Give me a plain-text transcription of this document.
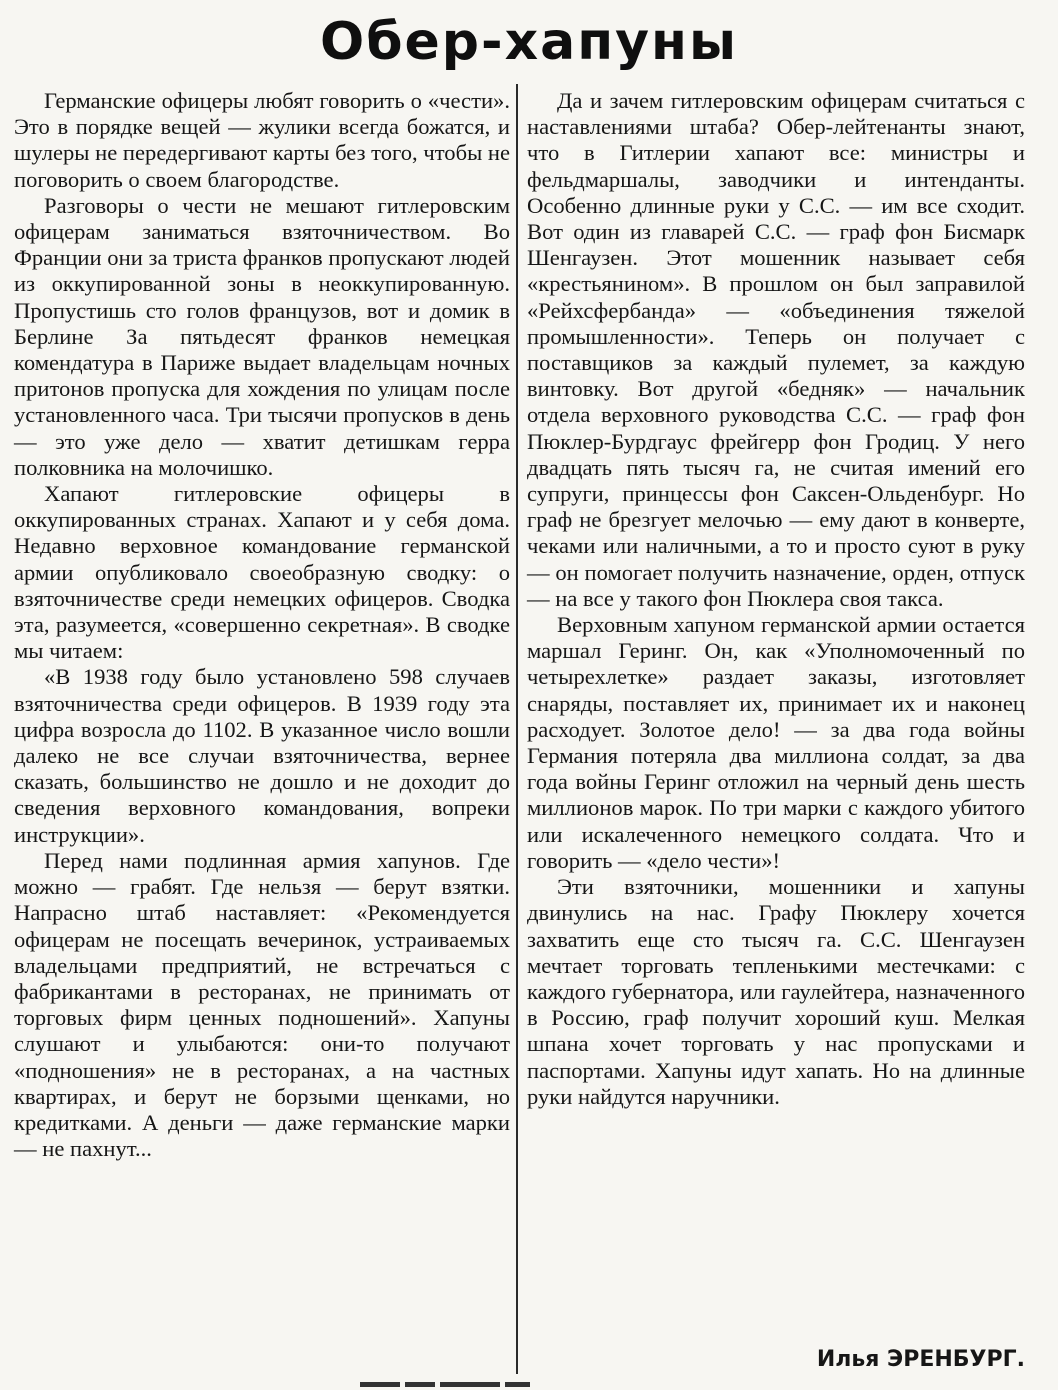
Обер-хапуны

Германские офицеры любят говорить о «чести». Это в порядке вещей — жулики всегда божатся, и шулеры не передергивают карты без того, чтобы не поговорить о своем благородстве.

Разговоры о чести не мешают гитлеровским офицерам заниматься взяточничеством. Во Франции они за триста франков пропускают людей из оккупированной зоны в неоккупированную. Пропустишь сто голов французов, вот и домик в Берлине За пятьдесят франков немецкая комендатура в Париже выдает владельцам ночных притонов пропуска для хождения по улицам после установленного часа. Три тысячи пропусков в день — это уже дело — хватит детишкам герра полковника на молочишко.

Хапают гитлеровские офицеры в оккупированных странах. Хапают и у себя дома. Недавно верховное командование германской армии опубликовало своеобразную сводку: о взяточничестве среди немецких офицеров. Сводка эта, разумеется, «совершенно секретная». В сводке мы читаем:

«В 1938 году было установлено 598 случаев взяточничества среди офицеров. В 1939 году эта цифра возросла до 1102. В указанное число вошли далеко не все случаи взяточничества, вернее сказать, большинство не дошло и не доходит до сведения верховного командования, вопреки инструкции».

Перед нами подлинная армия хапунов. Где можно — грабят. Где нельзя — берут взятки. Напрасно штаб наставляет: «Рекомендуется офицерам не посещать вечеринок, устраиваемых владельцами предприятий, не встречаться с фабрикантами в ресторанах, не принимать от торговых фирм ценных подношений». Хапуны слушают и улыбаются: они-то получают «подношения» не в ресторанах, а на частных квартирах, и берут не борзыми щенками, но кредитками. А деньги — даже германские марки — не пахнут...

Да и зачем гитлеровским офицерам считаться с наставлениями штаба? Обер-лейтенанты знают, что в Гитлерии хапают все: министры и фельдмаршалы, заводчики и интенданты. Особенно длинные руки у С.С. — им все сходит. Вот один из главарей С.С. — граф фон Бисмарк Шенгаузен. Этот мошенник называет себя «крестьянином». В прошлом он был заправилой «Рейхсфербанда» — «объединения тяжелой промышленности». Теперь он получает с поставщиков за каждый пулемет, за каждую винтовку. Вот другой «бедняк» — начальник отдела верховного руководства С.С. — граф фон Пюклер-Бурдгаус фрейгерр фон Гродиц. У него двадцать пять тысяч га, не считая имений его супруги, принцессы фон Саксен-Ольденбург. Но граф не брезгует мелочью — ему дают в конверте, чеками или наличными, а то и просто суют в руку — он помогает получить назначение, орден, отпуск — на все у такого фон Пюклера своя такса.

Верховным хапуном германской армии остается маршал Геринг. Он, как «Уполномоченный по четырехлетке» раздает заказы, изготовляет снаряды, поставляет их, принимает их и наконец расходует. Золотое дело! — за два года войны Германия потеряла два миллиона солдат, за два года войны Геринг отложил на черный день шесть миллионов марок. По три марки с каждого убитого или искалеченного немецкого солдата. Что и говорить — «дело чести»!

Эти взяточники, мошенники и хапуны двинулись на нас. Графу Пюклеру хочется захватить еще сто тысяч га. С.С. Шенгаузен мечтает торговать тепленькими местечками: с каждого губернатора, или гаулейтера, назначенного в Россию, граф получит хороший куш. Мелкая шпана хочет торговать у нас пропусками и паспортами. Хапуны идут хапать. Но на длинные руки найдутся наручники.

Илья ЭРЕНБУРГ.
